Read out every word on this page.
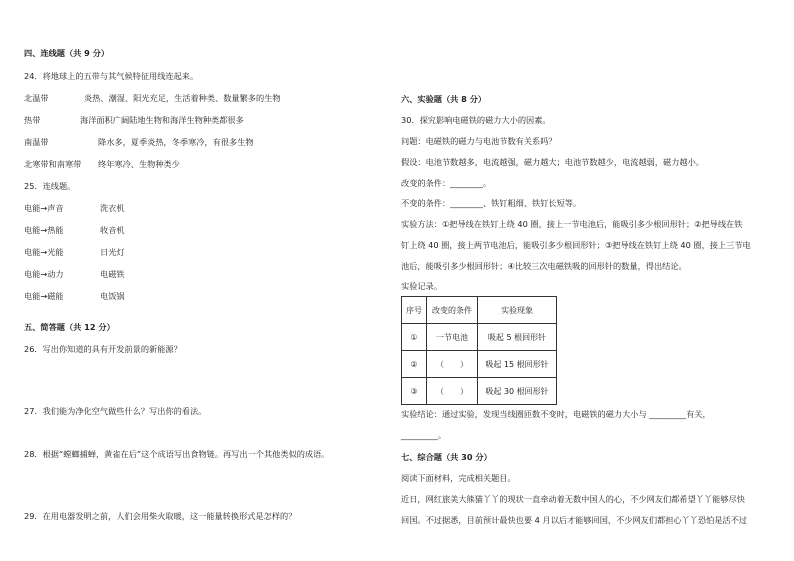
四、连线题（共 9 分）
24．将地球上的五带与其气候特征用线连起来。
北温带	炎热、潮湿、阳光充足，生活着种类、数量繁多的生物
热带	海洋面积广阔陆地生物和海洋生物种类都很多
南温带	降水多，夏季炎热，冬季寒冷，有很多生物
北寒带和南寒带 终年寒冷、生物种类少
25．连线题。
电能→声音	洗衣机
电能→热能	收音机
电能→光能	日光灯
电能→动力	电磁铁
电能→磁能	电饭锅
五、简答题（共 12 分）
26．写出你知道的具有开发前景的新能源？
27．我们能为净化空气做些什么？写出你的看法。
28．根据“螳螂捕蝉，黄雀在后”这个成语写出食物链。再写出一个其他类似的成语。
29．在用电器发明之前，人们会用柴火取暖，这一能量转换形式是怎样的？
六、实验题（共 8 分）
30．探究影响电磁铁的磁力大小的因素。
问题：电磁铁的磁力与电池节数有关系吗？
假设：电池节数越多，电流越强，磁力越大；电池节数越少，电流越弱，磁力越小。
改变的条件：________。
不变的条件：________、铁钉粗细、铁钉长短等。
实验方法：①把导线在铁钉上绕 40 圈，接上一节电池后，能吸引多少根回形针；②把导线在铁
钉上绕 40 圈，接上两节电池后，能吸引多少根回形针；③把导线在铁钉上绕 40 圈，接上三节电
池后，能吸引多少根回形针；④比较三次电磁铁吸的回形针的数量，得出结论。
实验记录。
序号	改变的条件	实验现象
①	一节电池	吸起 5 根回形针
②	（　　）	吸起 15 根回形针
③	（　　）	吸起 30 根回形针
实验结论：通过实验，发现当线圈匝数不变时，电磁铁的磁力大小与 _________有关，
_________。
七、综合题（共 30 分）
阅读下面材料，完成相关题目。
近日，网红旅美大熊猫丫丫的现状一直牵动着无数中国人的心，不少网友们都希望丫丫能够尽快
回国。不过据悉，目前预计最快也要 4 月以后才能够回国，不少网友们都担心丫丫恐怕是活不过
